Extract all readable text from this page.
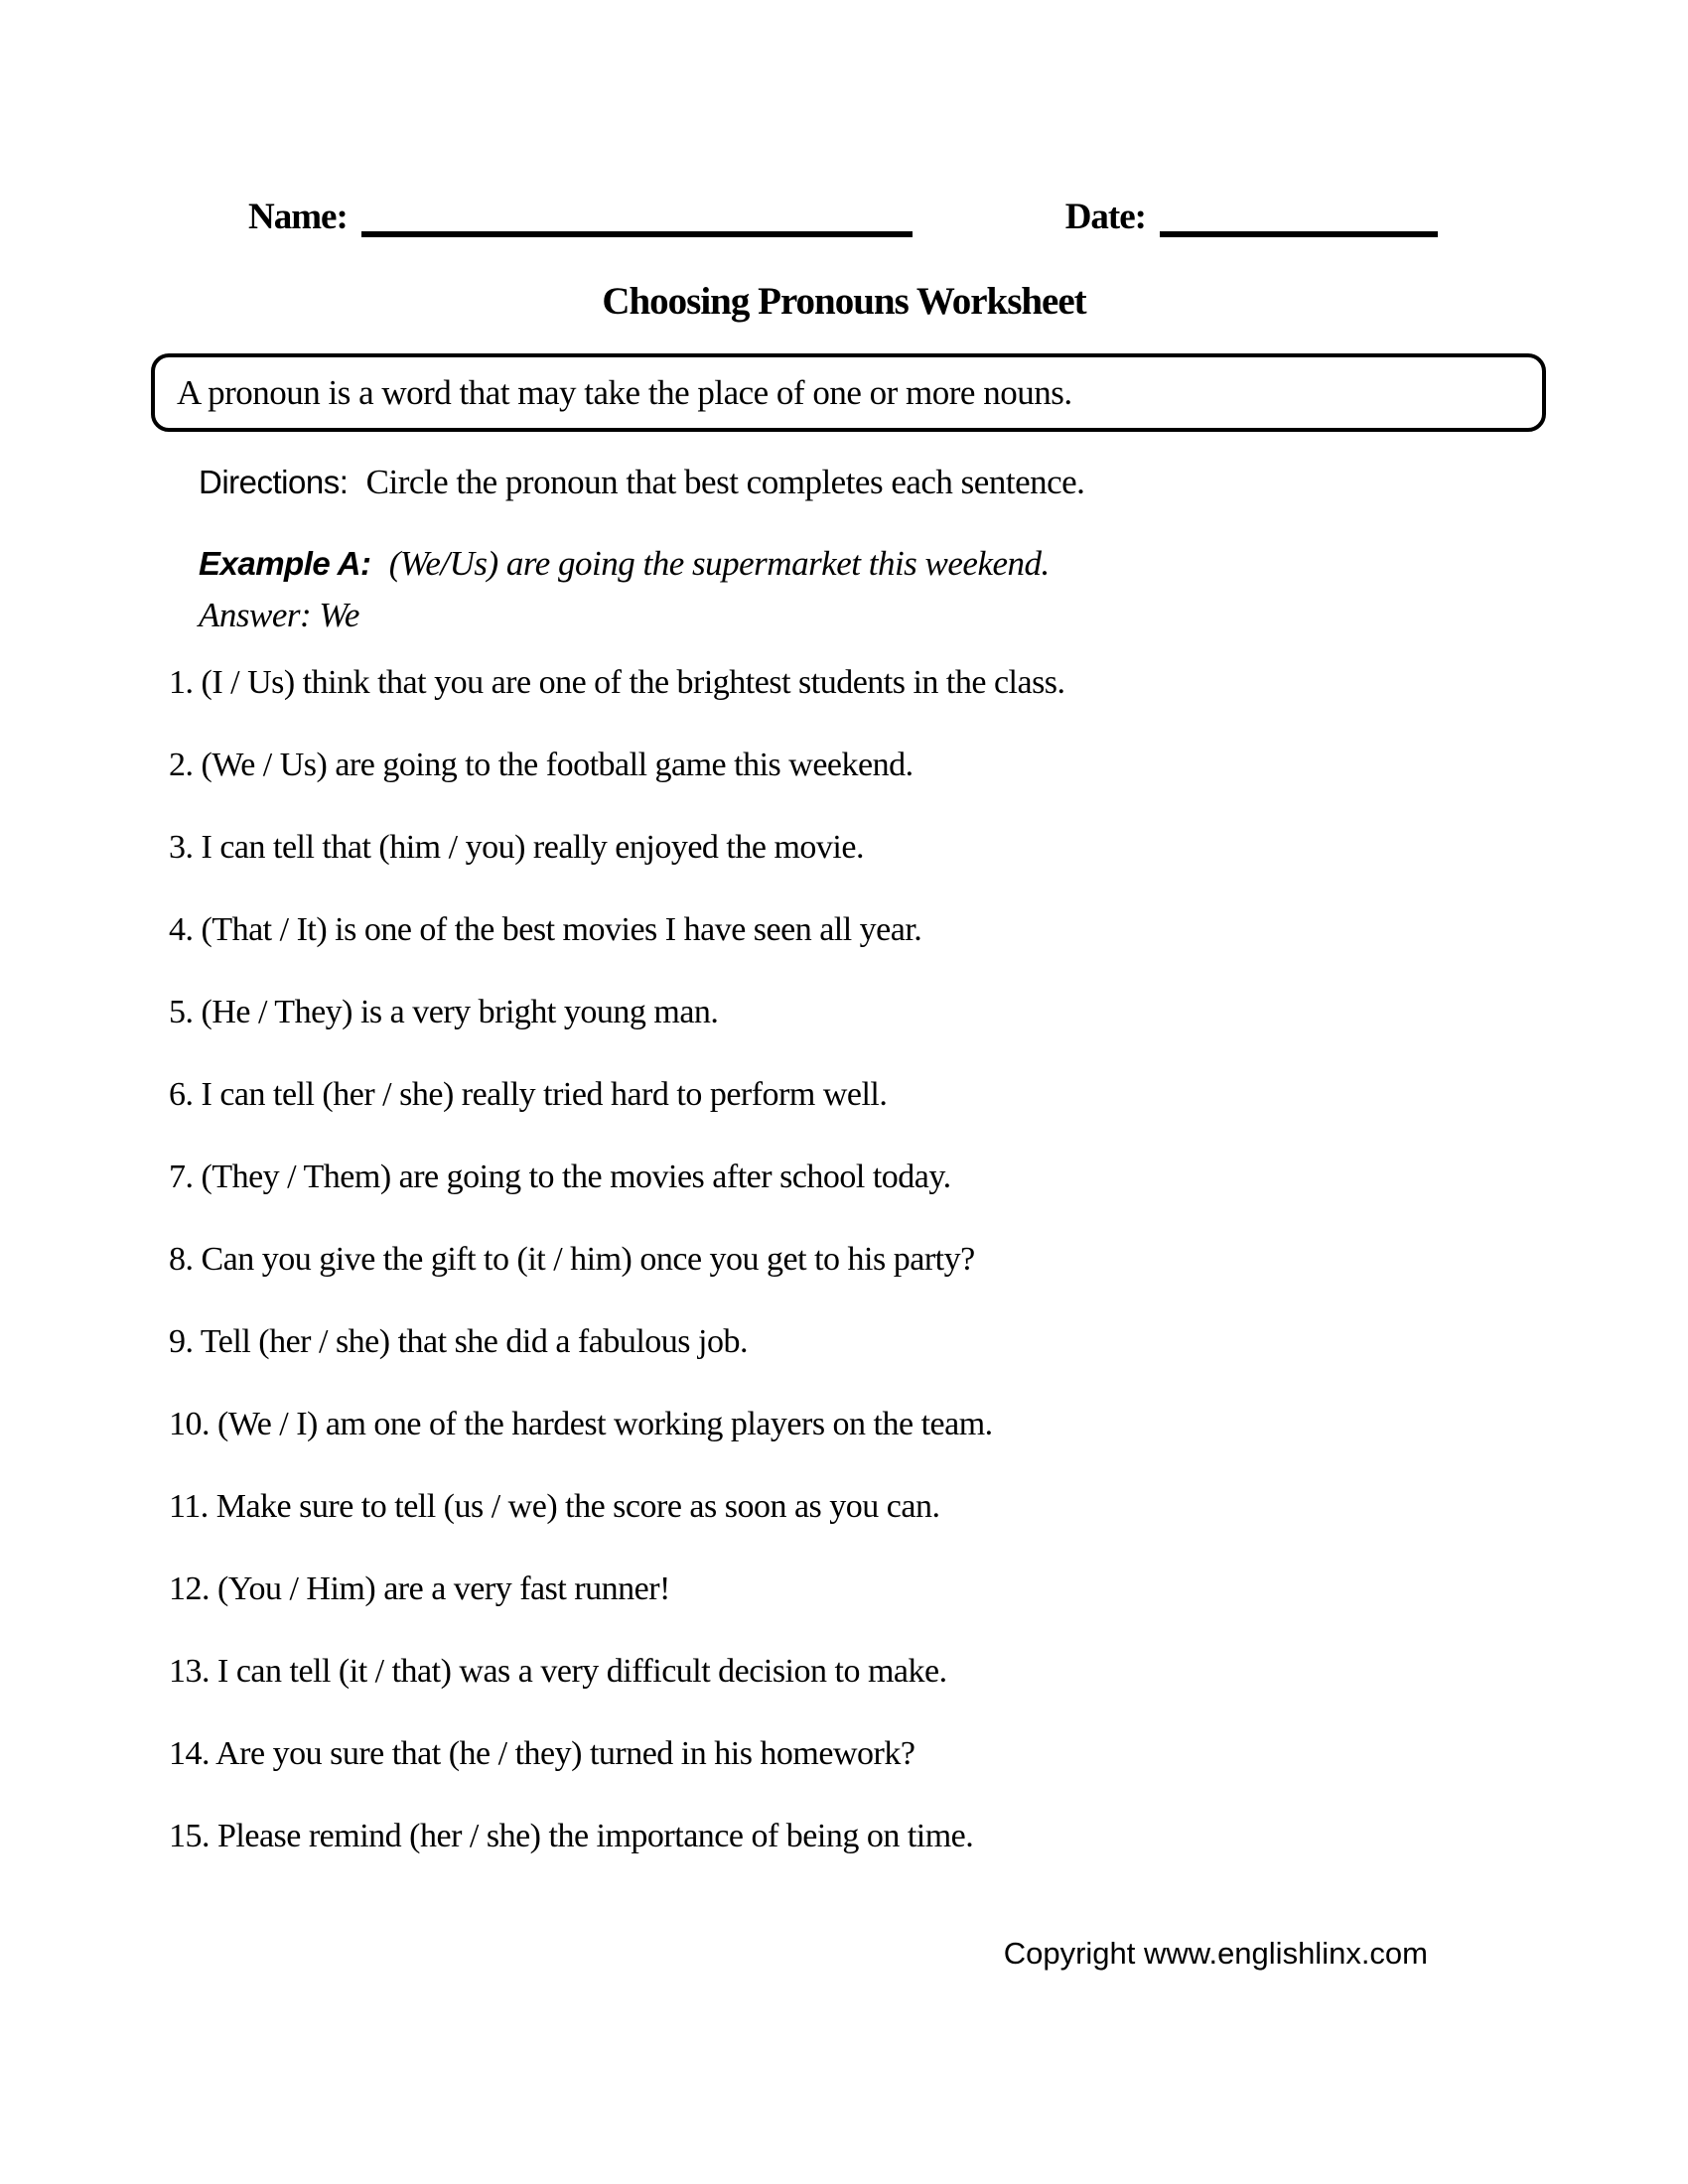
Name:	Date:
Choosing Pronouns Worksheet
A pronoun is a word that may take the place of one or more nouns.

Directions: Circle the pronoun that best completes each sentence.

Example A: (We/Us) are going the supermarket this weekend.

Answer: We

1. (I / Us) think that you are one of the brightest students in the class.
2. (We / Us) are going to the football game this weekend.
3. I can tell that (him / you) really enjoyed the movie.
4. (That / It) is one of the best movies I have seen all year.
5. (He / They) is a very bright young man.
6. I can tell (her / she) really tried hard to perform well.
7. (They / Them) are going to the movies after school today.
8. Can you give the gift to (it / him) once you get to his party?
9. Tell (her / she) that she did a fabulous job.
10. (We / I) am one of the hardest working players on the team.
11. Make sure to tell (us / we) the score as soon as you can.
12. (You / Him) are a very fast runner!
13. I can tell (it / that) was a very difficult decision to make.
14. Are you sure that (he / they) turned in his homework?
15. Please remind (her / she) the importance of being on time.
Copyright www.englishlinx.com
